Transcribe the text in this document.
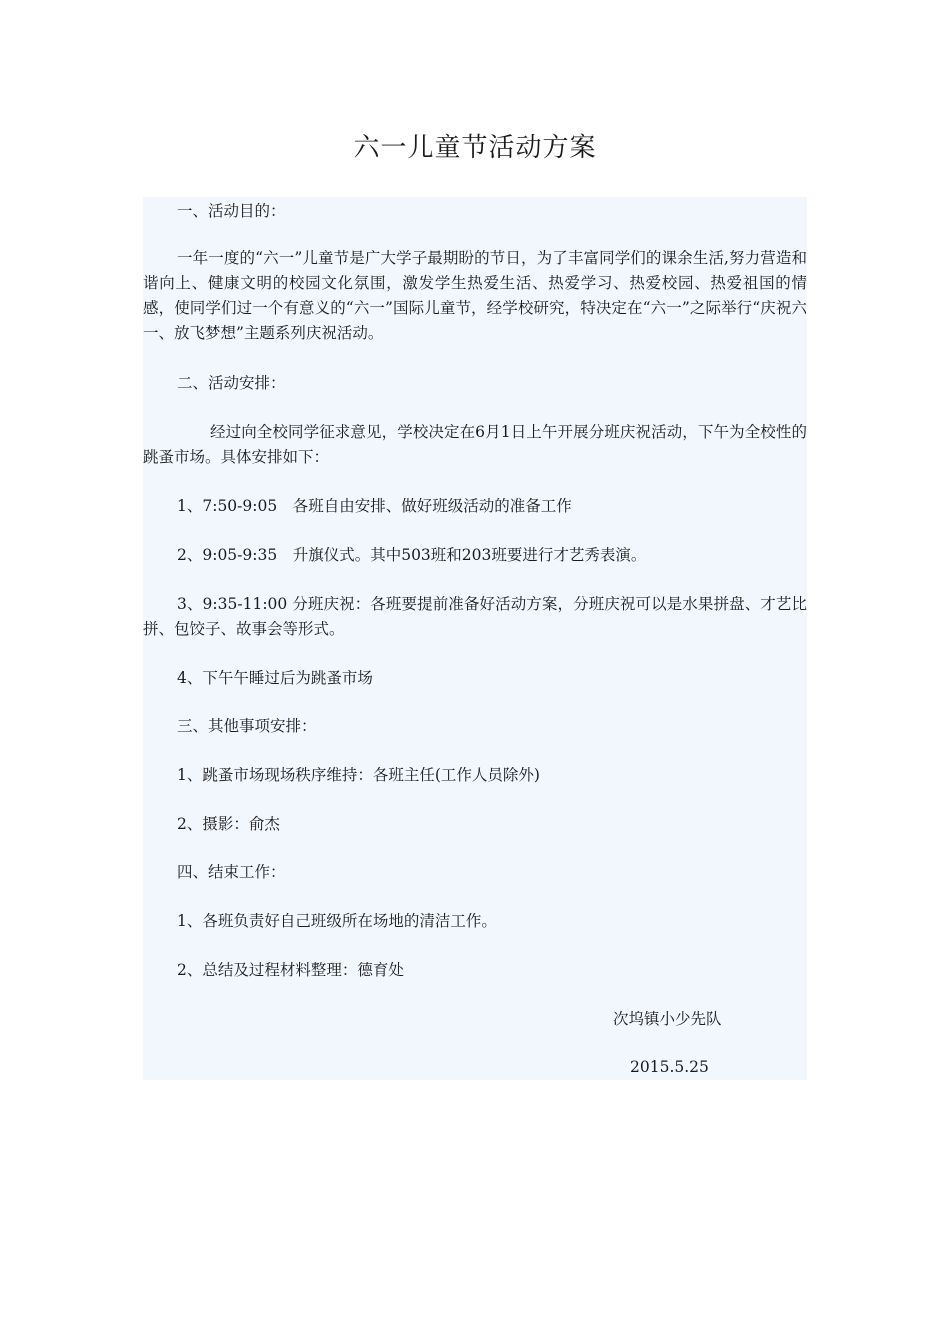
六一儿童节活动方案

一、活动目的：

一年一度的“六一”儿童节是广大学子最期盼的节日，为了丰富同学们的课余生活,努力营造和谐向上、健康文明的校园文化氛围，激发学生热爱生活、热爱学习、热爱校园、热爱祖国的情感，使同学们过一个有意义的“六一”国际儿童节，经学校研究，特决定在“六一”之际举行“庆祝六一、放飞梦想”主题系列庆祝活动。

二、活动安排：

经过向全校同学征求意见，学校决定在6月1日上午开展分班庆祝活动，下午为全校性的跳蚤市场。具体安排如下：

1、7:50-9:05　各班自由安排、做好班级活动的准备工作

2、9:05-9:35　升旗仪式。其中503班和203班要进行才艺秀表演。

3、9:35-11:00 分班庆祝：各班要提前准备好活动方案，分班庆祝可以是水果拼盘、才艺比拼、包饺子、故事会等形式。

4、下午午睡过后为跳蚤市场

三、其他事项安排：

1、跳蚤市场现场秩序维持：各班主任(工作人员除外)

2、摄影：俞杰

四、结束工作：

1、各班负责好自己班级所在场地的清洁工作。

2、总结及过程材料整理：德育处

次坞镇小少先队
2015.5.25
